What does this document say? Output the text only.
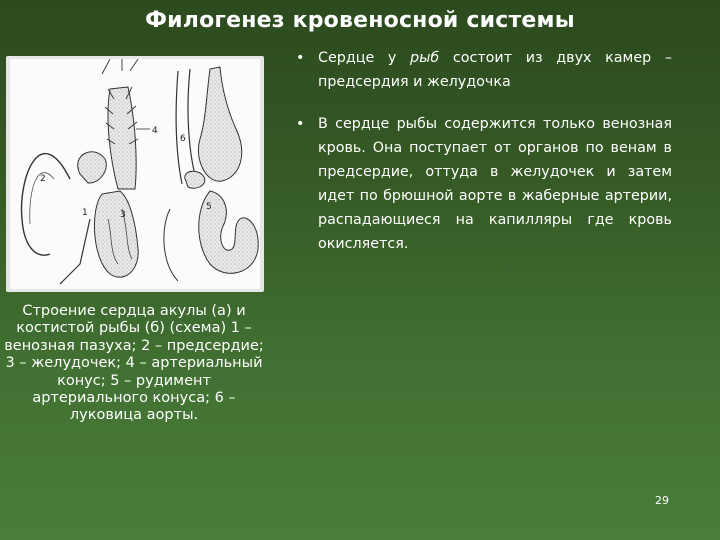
Филогенез кровеносной системы
4
2
1	3
6
5
Строение сердца акулы (а) и костистой рыбы (б) (схема) 1 – венозная пазуха; 2 – предсердие; 3 – желудочек; 4 – артериальный конус; 5 – рудимент артериального конуса; 6 – луковица аорты.
• Сердце у рыб состоит из двух камер – предсердия и желудочка
• В сердце рыбы содержится только венозная кровь. Она поступает от органов по венам в предсердие, оттуда в желудочек и затем идет по брюшной аорте в жаберные артерии, распадающиеся на капилляры где кровь окисляется.
29
